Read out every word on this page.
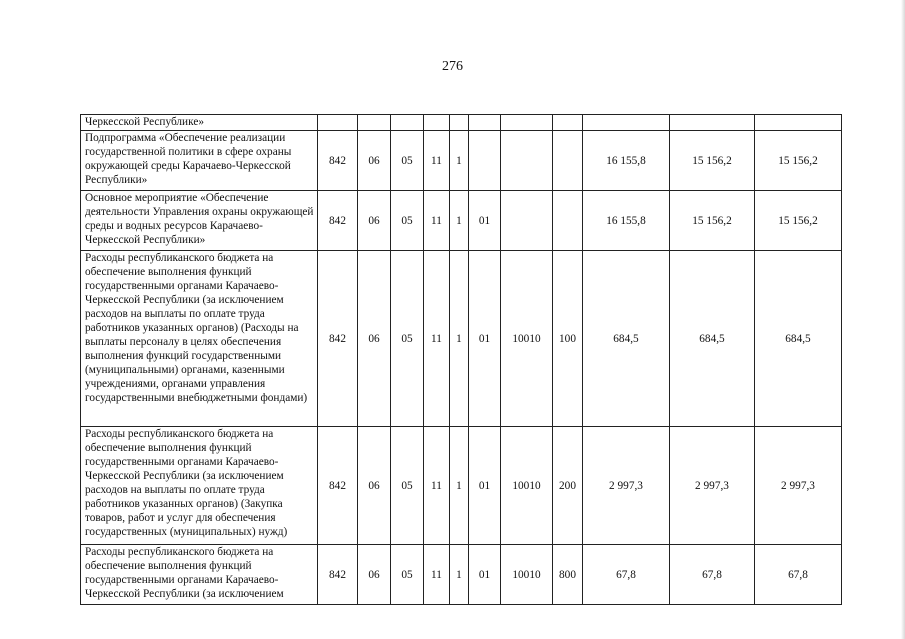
276
Черкесской Республике»											
Подпрограмма «Обеспечение реализации государственной политики в сфере охраны окружающей среды Карачаево-Черкесской Республики»	842	06	05	11	1				16 155,8	15 156,2	15 156,2
Основное мероприятие «Обеспечение деятельности Управления охраны окружающей среды и водных ресурсов Карачаево-Черкесской Республики»	842	06	05	11	1	01			16 155,8	15 156,2	15 156,2
Расходы республиканского бюджета на обеспечение выполнения функций государственными органами Карачаево-Черкесской Республики (за исключением расходов на выплаты по оплате труда работников указанных органов) (Расходы на выплаты персоналу в целях обеспечения выполнения функций государственными (муниципальными) органами, казенными учреждениями, органами управления государственными внебюджетными фондами)	842	06	05	11	1	01	10010	100	684,5	684,5	684,5
Расходы республиканского бюджета на обеспечение выполнения функций государственными органами Карачаево-Черкесской Республики (за исключением расходов на выплаты по оплате труда работников указанных органов) (Закупка товаров, работ и услуг для обеспечения государственных (муниципальных) нужд)	842	06	05	11	1	01	10010	200	2 997,3	2 997,3	2 997,3
Расходы республиканского бюджета на обеспечение выполнения функций государственными органами Карачаево-Черкесской Республики (за исключением	842	06	05	11	1	01	10010	800	67,8	67,8	67,8
